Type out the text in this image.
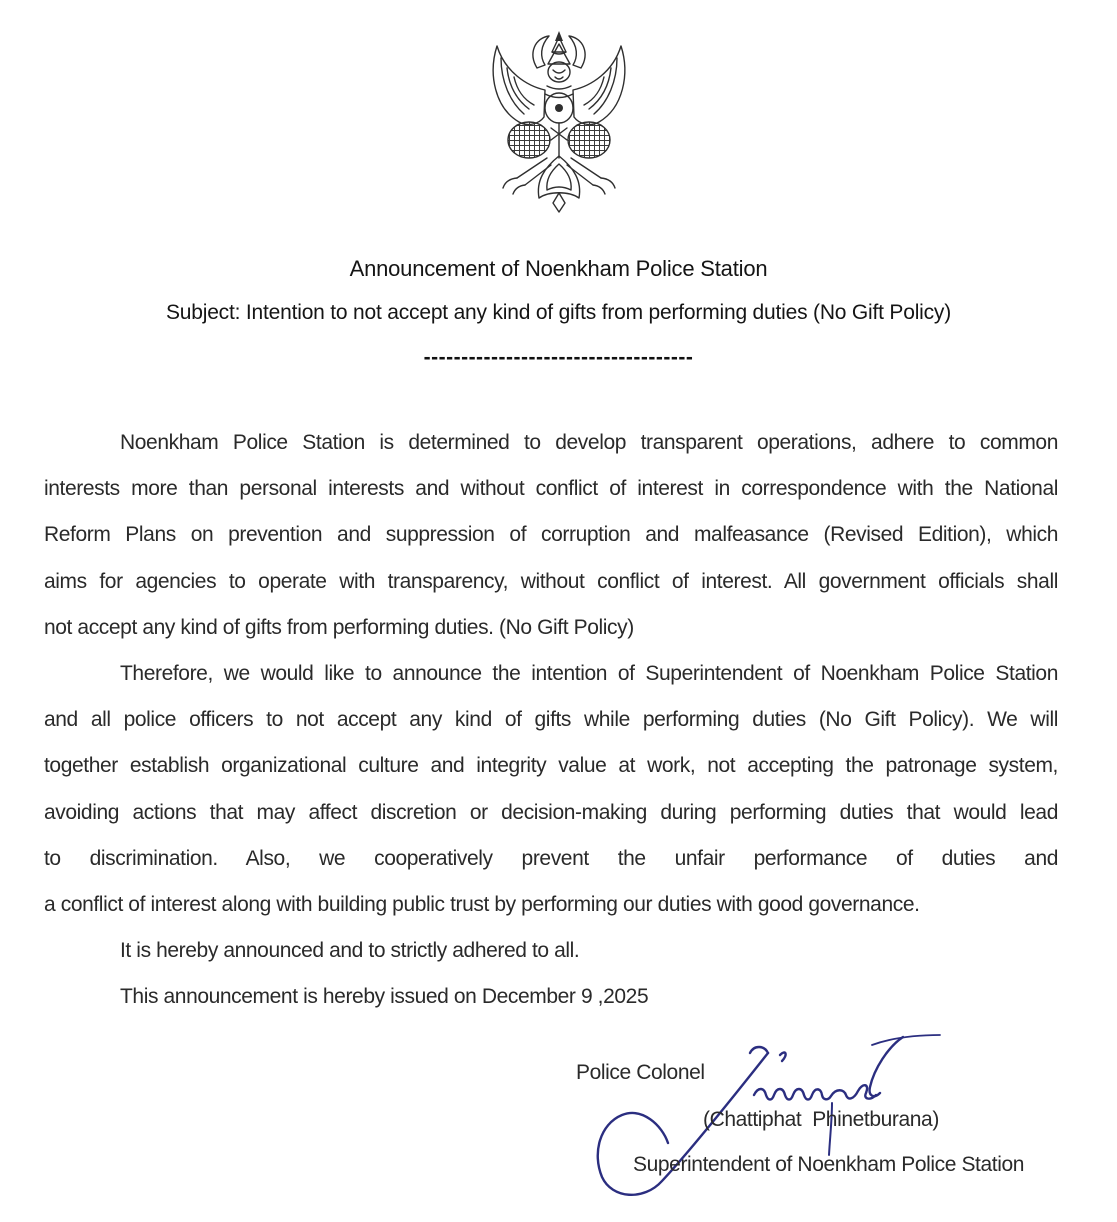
Announcement of Noenkham Police Station
Subject: Intention to not accept any kind of gifts from performing duties (No Gift Policy)
------------------------------------
Noenkham Police Station is determined to develop transparent operations, adhere to common
interests more than personal interests and without conflict of interest in correspondence with the National
Reform Plans on prevention and suppression of corruption and malfeasance (Revised Edition), which
aims for agencies to operate with transparency, without conflict of interest. All government officials shall
not accept any kind of gifts from performing duties. (No Gift Policy)
Therefore, we would like to announce the intention of Superintendent of Noenkham Police Station
and all police officers to not accept any kind of gifts while performing duties (No Gift Policy). We will
together establish organizational culture and integrity value at work, not accepting the patronage system,
avoiding actions that may affect discretion or decision-making during performing duties that would lead
to discrimination. Also, we cooperatively prevent the unfair performance of duties and
a conflict of interest along with building public trust by performing our duties with good governance.
It is hereby announced and to strictly adhered to all.
This announcement is hereby issued on December 9 ,2025
Police Colonel
(Chattiphat  Phinetburana)
Superintendent of Noenkham Police Station
